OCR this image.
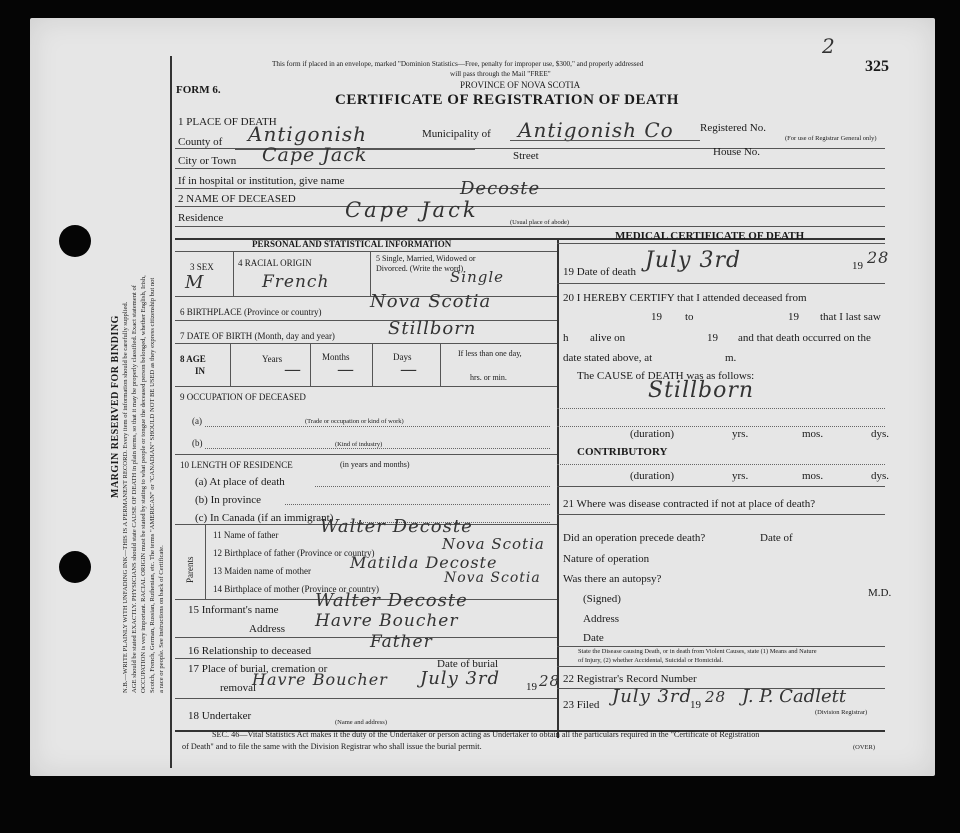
MARGIN RESERVED FOR BINDING N.B.—WRITE PLAINLY WITH UNFADING INK—THIS IS A PERMANENT RECORD. Every item of information should be carefully supplied. AGE should be stated EXACTLY. PHYSICIANS should state CAUSE OF DEATH in plain terms, so that it may be properly classified. Exact statement of OCCUPATION is very important. RACIAL ORIGIN must be stated by stating to what people or tongue the deceased person belonged, whether English, Irish, Scotch, French, German, Russian, Ruthenian, etc. The terms "AMERICAN" or "CANADIAN" SHOULD NOT BE USED as they express citizenship but not a race or people. See instructions on back of Certificate.
This form if placed in an envelope, marked "Dominion Statistics—Free, penalty for improper use, $300," and properly addressed
will pass through the Mail "FREE"
PROVINCE OF NOVA SCOTIA
FORM 6.
CERTIFICATE OF REGISTRATION OF DEATH
325
2
1 PLACE OF DEATH
County of Antigonish	Municipality of Antigonish Co Registered No.
(For use of Registrar General only)
City or Town Cape Jack	Street	House No.
If in hospital or institution, give name
2 NAME OF DECEASED	Decoste
Residence	Cape Jack
(Usual place of abode)
PERSONAL AND STATISTICAL INFORMATION
3 SEX
M
4 RACIAL ORIGIN
French
5 Single, Married, Widowed or
Divorced. (Write the word)
Single
6 BIRTHPLACE (Province or country)	Nova Scotia
7 DATE OF BIRTH (Month, day and year)	Stillborn
8 AGE
IN
Years
—
Months
—
Days
—
If less than one day,
hrs. or min.
9 OCCUPATION OF DECEASED
(a)	(Trade or occupation or kind of work)
(b)	(Kind of industry)
10 LENGTH OF RESIDENCE	(in years and months)
(a) At place of death
(b) In province
(c) In Canada (if an immigrant)
Parents
11 Name of father Walter Decoste
12 Birthplace of father (Province or country)	Nova Scotia
13 Maiden name of mother Matilda Decoste
14 Birthplace of mother (Province or country)
Nova Scotia
15 Informant's name Walter Decoste
Address Havre Boucher
16 Relationship to deceased	Father
17 Place of burial, cremation or
removal
Havre Boucher
Date of burial
July 3rd 19 28
18 Undertaker
(Name and address)
MEDICAL CERTIFICATE OF DEATH
19 Date of death July 3rd	19 28
20 I HEREBY CERTIFY that I attended deceased from
19 to	19 that I last saw
h alive on	19 and that death occurred on the
date stated above, at	m.
The CAUSE of DEATH was as follows:
Stillborn
(duration)	yrs.	mos.	dys.
CONTRIBUTORY
(duration)	yrs.	mos.	dys.
21 Where was disease contracted if not at place of death?
Did an operation precede death?	Date of
Nature of operation
Was there an autopsy?
(Signed)	M.D.
Address
Date
State the Disease causing Death, or in death from Violent Causes, state (1) Means and Nature
of Injury, (2) whether Accidental, Suicidal or Homicidal.
22 Registrar's Record Number
23 Filed July 3rd
19 28 J. P. Cadlett
(Division Registrar)
SEC. 46—Vital Statistics Act makes it the duty of the Undertaker or person acting as Undertaker to obtain all the particulars required in the "Certificate of Registration
of Death" and to file the same with the Division Registrar who shall issue the burial permit.	(OVER)
